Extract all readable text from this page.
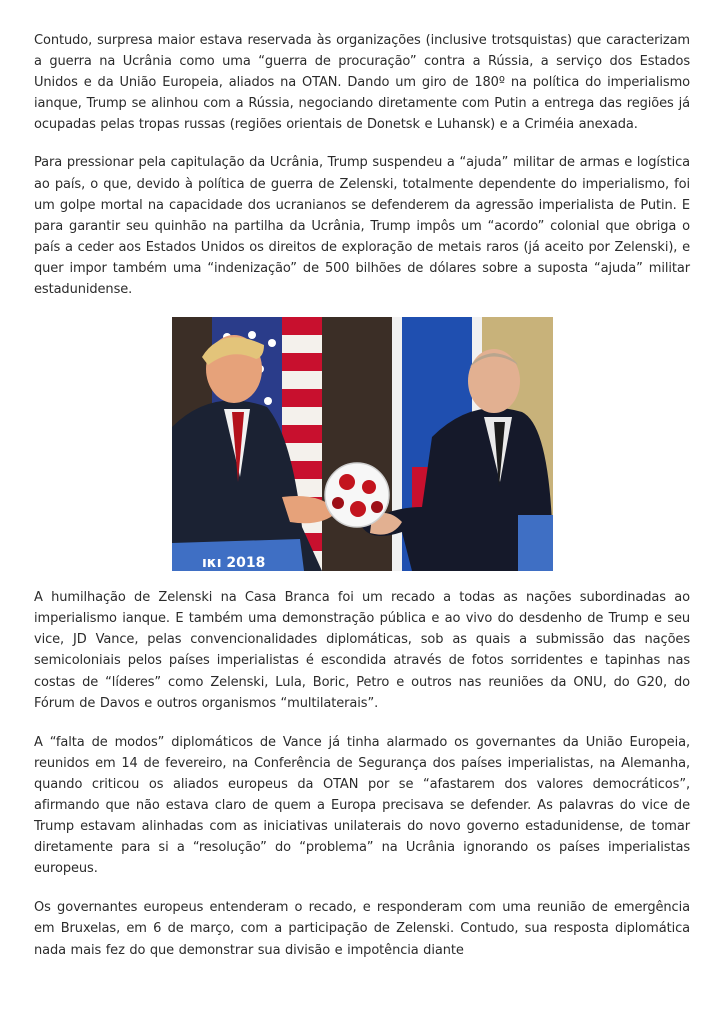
Contudo, surpresa maior estava reservada às organizações (inclusive trotsquistas) que caracterizam a guerra na Ucrânia como uma “guerra de procuração” contra a Rússia, a serviço dos Estados Unidos e da União Europeia, aliados na OTAN. Dando um giro de 180º na política do imperialismo ianque, Trump se alinhou com a Rússia, negociando diretamente com Putin a entrega das regiões já ocupadas pelas tropas russas (regiões orientais de Donetsk e Luhansk) e a Criméia anexada.

Para pressionar pela capitulação da Ucrânia, Trump suspendeu a “ajuda” militar de armas e logística ao país, o que, devido à política de guerra de Zelenski, totalmente dependente do imperialismo, foi um golpe mortal na capacidade dos ucranianos se defenderem da agressão imperialista de Putin. E para garantir seu quinhão na partilha da Ucrânia, Trump impôs um “acordo” colonial que obriga o país a ceder aos Estados Unidos os direitos de exploração de metais raros (já aceito por Zelenski), e quer impor também uma “indenização” de 500 bilhões de dólares sobre a suposta “ajuda” militar estadunidense.

ıκı 2018

A humilhação de Zelenski na Casa Branca foi um recado a todas as nações subordinadas ao imperialismo ianque. E também uma demonstração pública e ao vivo do desdenho de Trump e seu vice, JD Vance, pelas convencionalidades diplomáticas, sob as quais a submissão das nações semicoloniais pelos países imperialistas é escondida através de fotos sorridentes e tapinhas nas costas de “líderes” como Zelenski, Lula, Boric, Petro e outros nas reuniões da ONU, do G20, do Fórum de Davos e outros organismos “multilaterais”.

A “falta de modos” diplomáticos de Vance já tinha alarmado os governantes da União Europeia, reunidos em 14 de fevereiro, na Conferência de Segurança dos países imperialistas, na Alemanha, quando criticou os aliados europeus da OTAN por se “afastarem dos valores democráticos”, afirmando que não estava claro de quem a Europa precisava se defender. As palavras do vice de Trump estavam alinhadas com as iniciativas unilaterais do novo governo estadunidense, de tomar diretamente para si a “resolução” do “problema” na Ucrânia ignorando os países imperialistas europeus.

Os governantes europeus entenderam o recado, e responderam com uma reunião de emergência em Bruxelas, em 6 de março, com a participação de Zelenski. Contudo, sua resposta diplomática nada mais fez do que demonstrar sua divisão e impotência diante
